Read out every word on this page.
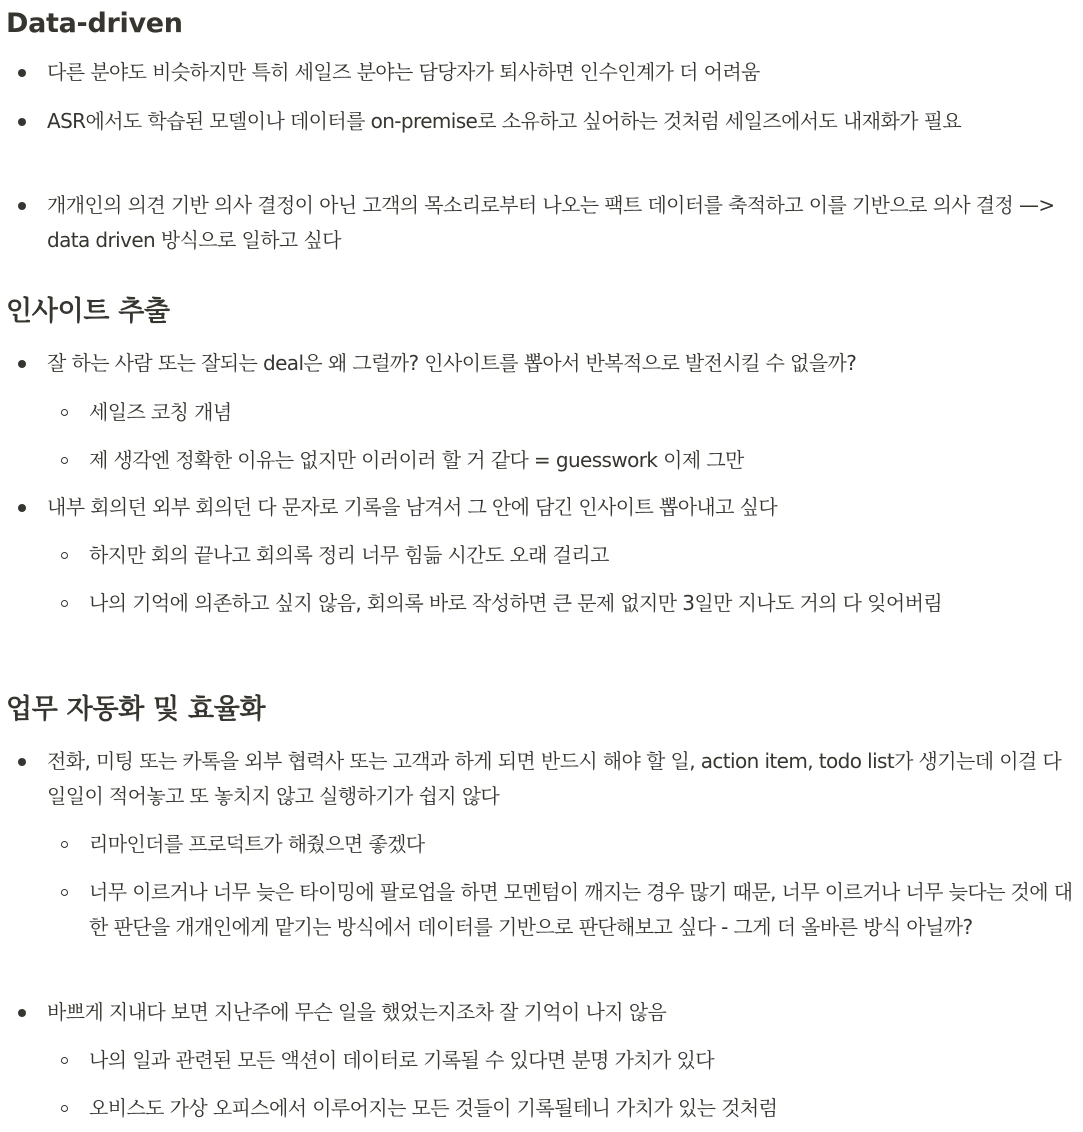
Data-driven
다른 분야도 비슷하지만 특히 세일즈 분야는 담당자가 퇴사하면 인수인계가 더 어려움
ASR에서도 학습된 모델이나 데이터를 on-premise로 소유하고 싶어하는 것처럼 세일즈에서도 내재화가 필요
개개인의 의견 기반 의사 결정이 아닌 고객의 목소리로부터 나오는 팩트 데이터를 축적하고 이를 기반으로 의사 결정 —> data driven 방식으로 일하고 싶다
인사이트 추출
잘 하는 사람 또는 잘되는 deal은 왜 그럴까? 인사이트를 뽑아서 반복적으로 발전시킬 수 없을까?
세일즈 코칭 개념
제 생각엔 정확한 이유는 없지만 이러이러 할 거 같다 = guesswork 이제 그만
내부 회의던 외부 회의던 다 문자로 기록을 남겨서 그 안에 담긴 인사이트 뽑아내고 싶다
하지만 회의 끝나고 회의록 정리 너무 힘듦 시간도 오래 걸리고
나의 기억에 의존하고 싶지 않음, 회의록 바로 작성하면 큰 문제 없지만 3일만 지나도 거의 다 잊어버림
업무 자동화 및 효율화
전화, 미팅 또는 카톡을 외부 협력사 또는 고객과 하게 되면 반드시 해야 할 일, action item, todo list가 생기는데 이걸 다 일일이 적어놓고 또 놓치지 않고 실행하기가 쉽지 않다
리마인더를 프로덕트가 해줬으면 좋겠다
너무 이르거나 너무 늦은 타이밍에 팔로업을 하면 모멘텀이 깨지는 경우 많기 때문, 너무 이르거나 너무 늦다는 것에 대한 판단을 개개인에게 맡기는 방식에서 데이터를 기반으로 판단해보고 싶다 - 그게 더 올바른 방식 아닐까?
바쁘게 지내다 보면 지난주에 무슨 일을 했었는지조차 잘 기억이 나지 않음
나의 일과 관련된 모든 액션이 데이터로 기록될 수 있다면 분명 가치가 있다
오비스도 가상 오피스에서 이루어지는 모든 것들이 기록될테니 가치가 있는 것처럼
